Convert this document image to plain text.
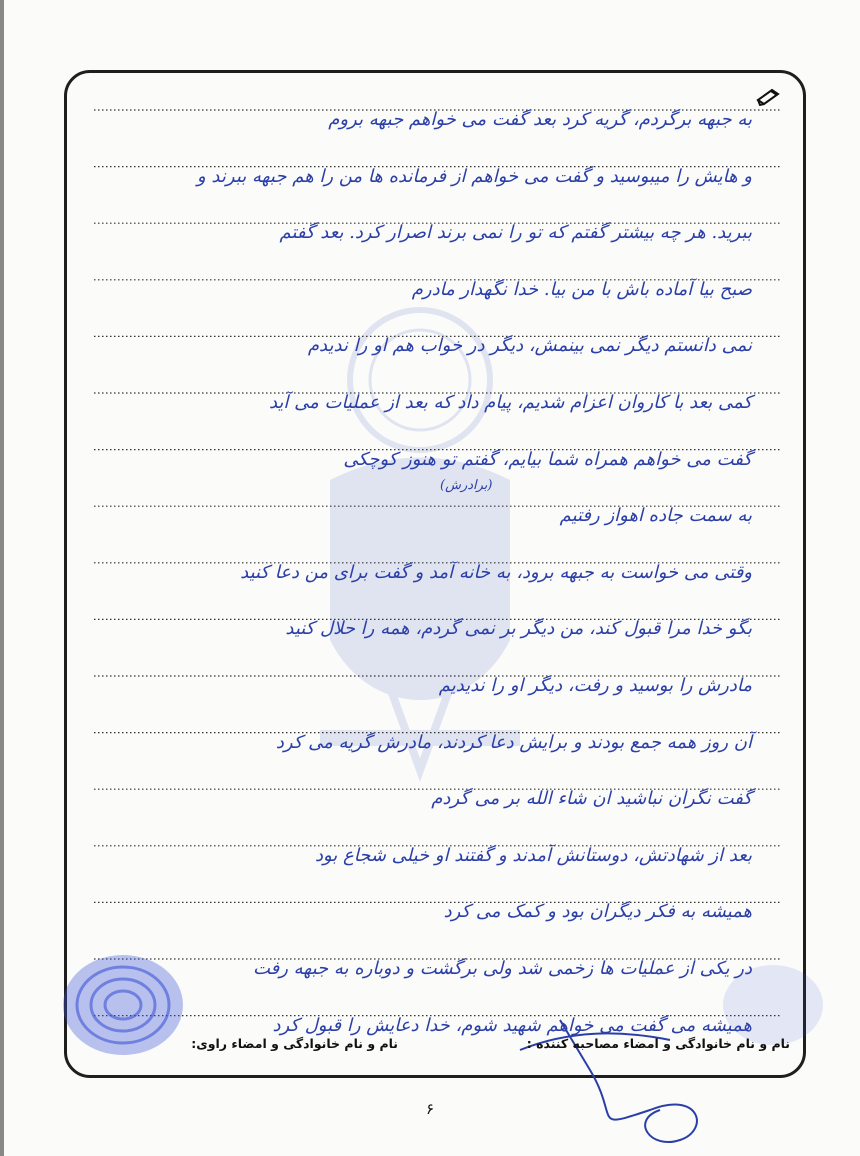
به جبهه برگردم، گریه کرد بعد گفت می خواهم جبهه بروم
و هایش را میبوسید و گفت می خواهم از فرمانده ها من را هم جبهه ببرند و
ببرید. هر چه بیشتر گفتم که تو را نمی برند اصرار کرد. بعد گفتم
صبح بیا آماده باش با من بیا. خدا نگهدار مادرم
نمی دانستم دیگر نمی بینمش، دیگر در خواب هم او را ندیدم
کمی بعد با کاروان اعزام شدیم، پیام داد که بعد از عملیات می آید
گفت می خواهم همراه شما بیایم، گفتم تو هنوز کوچکی
به سمت جاده اهواز رفتیم
وقتی می خواست به جبهه برود، به خانه آمد و گفت برای من دعا کنید
بگو خدا مرا قبول کند، من دیگر بر نمی گردم، همه را حلال کنید
مادرش را بوسید و رفت، دیگر او را ندیدیم
آن روز همه جمع بودند و برایش دعا کردند، مادرش گریه می کرد
گفت نگران نباشید ان شاء الله بر می گردم
بعد از شهادتش، دوستانش آمدند و گفتند او خیلی شجاع بود
همیشه به فکر دیگران بود و کمک می کرد
در یکی از عملیات ها زخمی شد ولی برگشت و دوباره به جبهه رفت
همیشه می گفت می خواهم شهید شوم، خدا دعایش را قبول کرد
(برادرش)
نام و نام خانوادگی و امضاء مصاحبه کننده :
نام و نام خانوادگی و امضاء راوی:
۶
